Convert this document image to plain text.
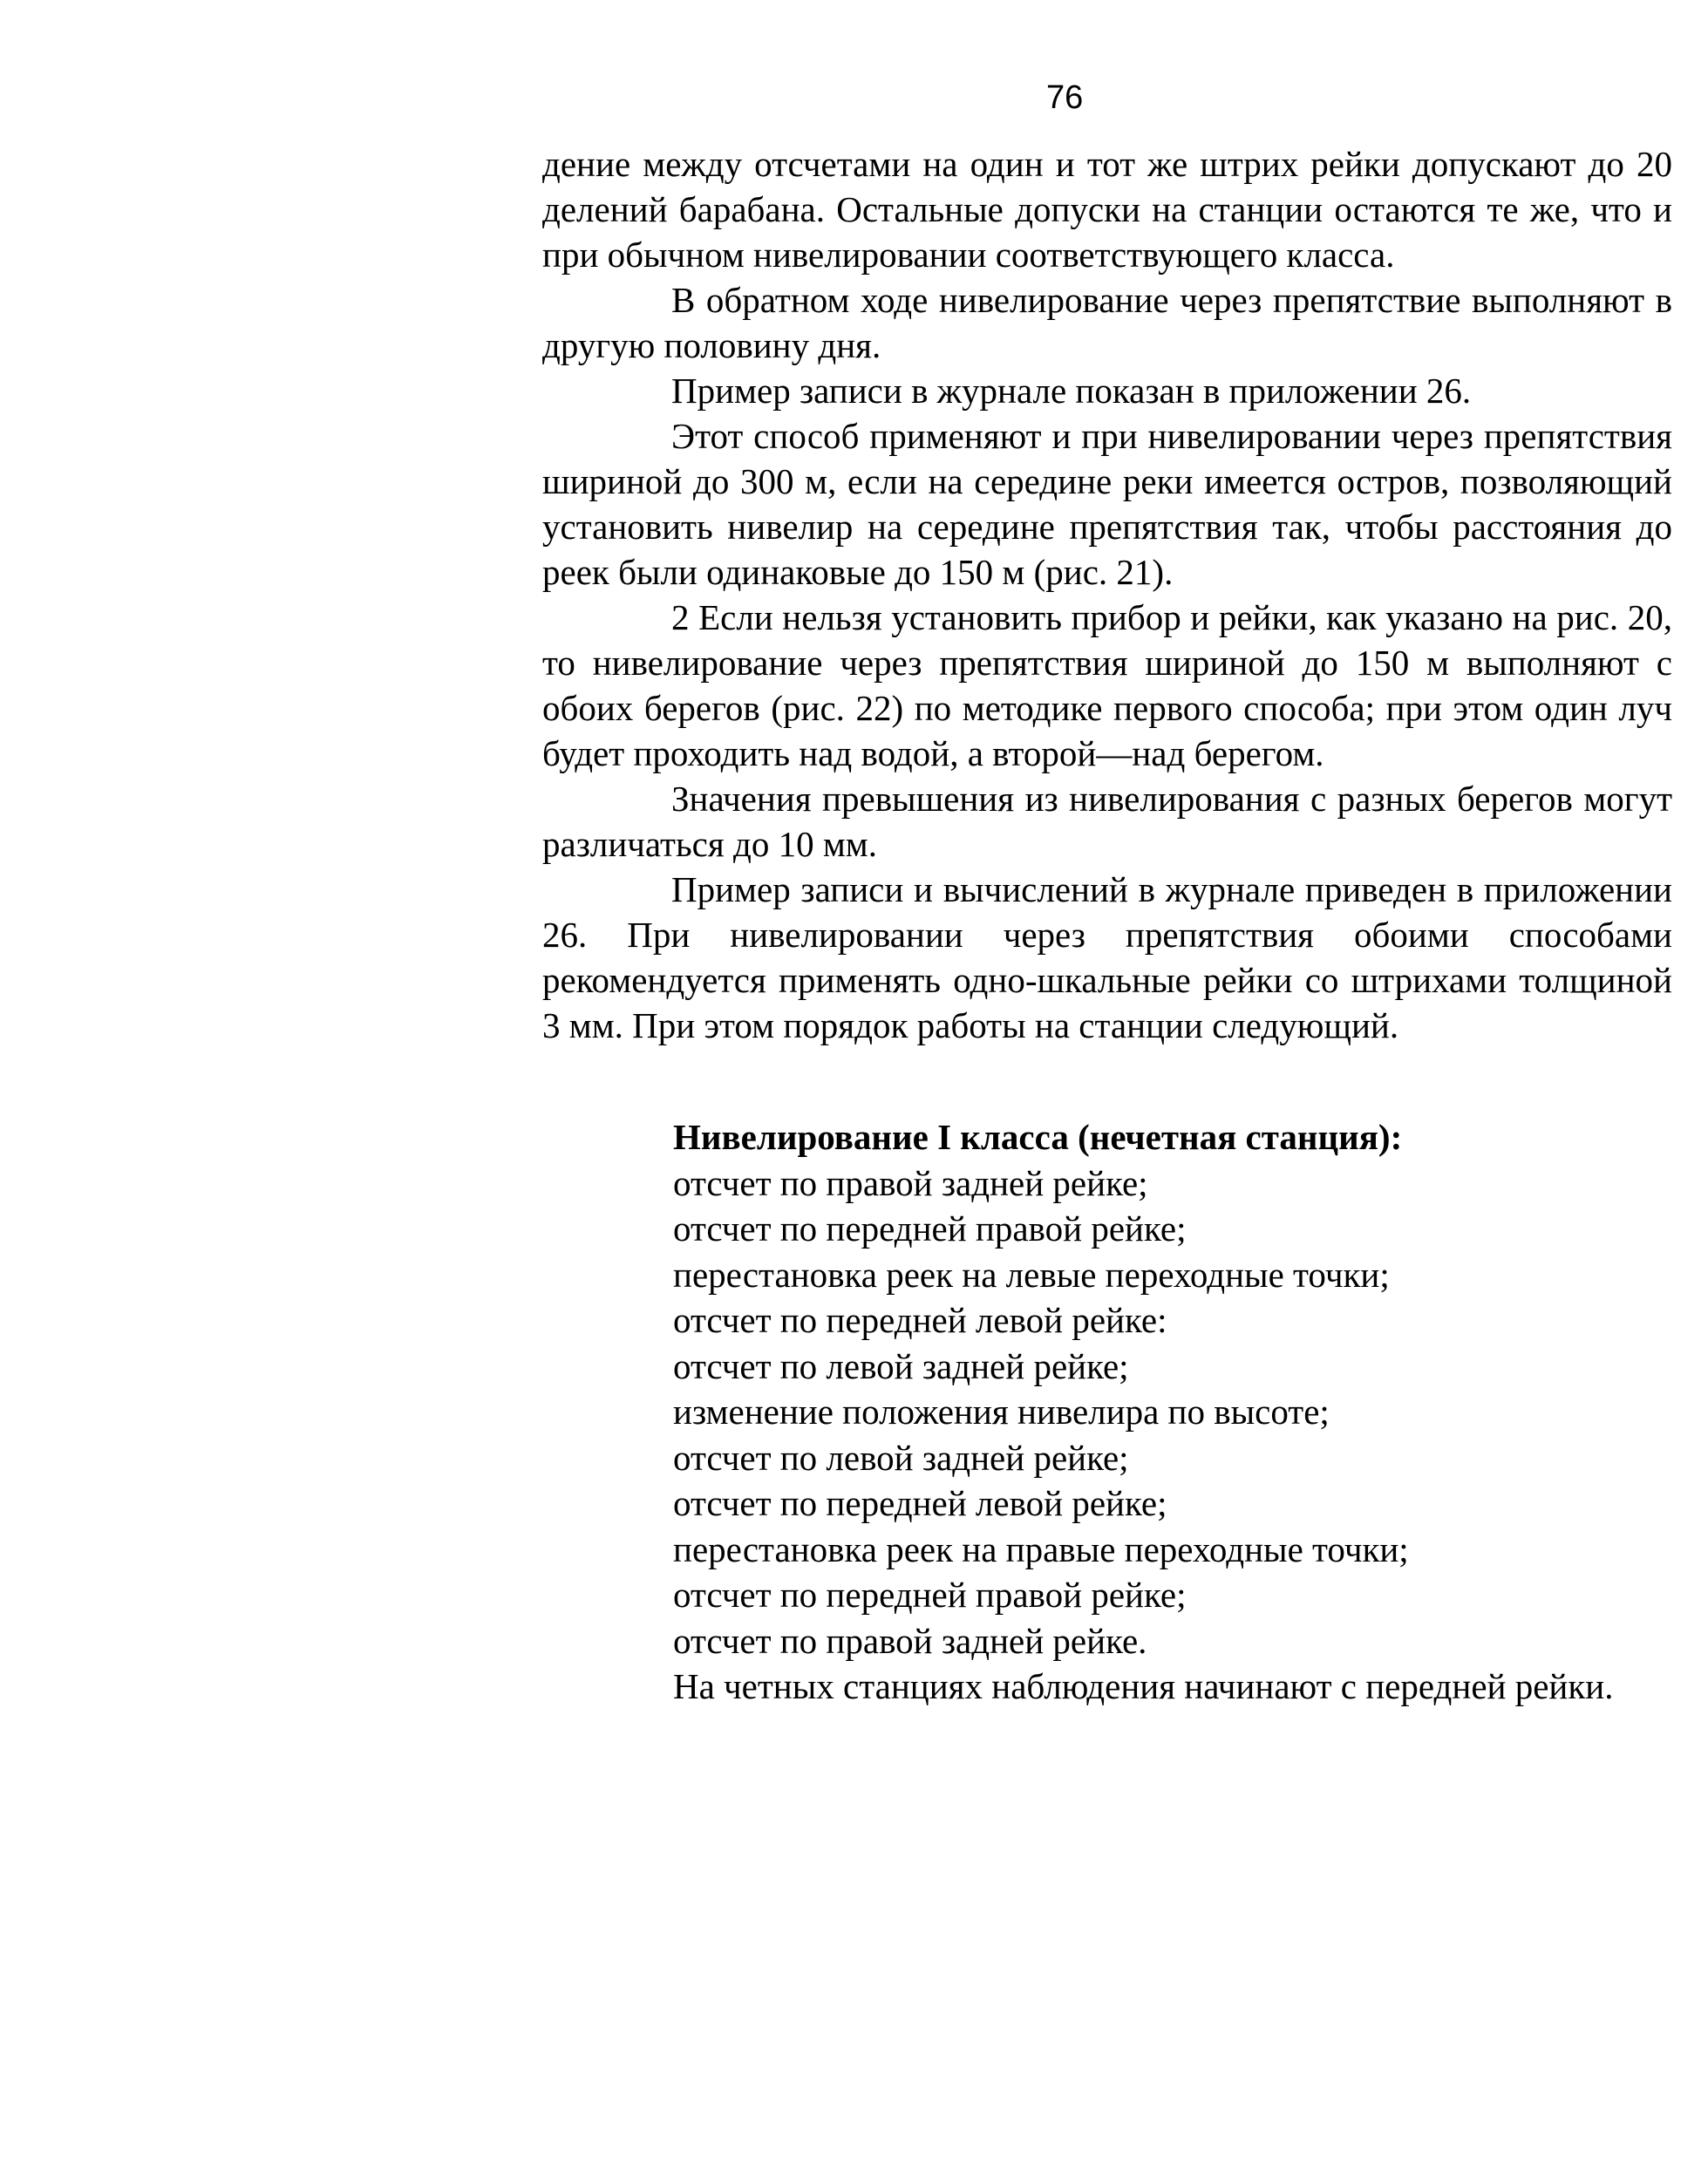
76

дение между отсчетами на один и тот же штрих рейки допускают до 20 делений барабана. Остальные допуски на станции остаются те же, что и при обычном нивелировании соответствующего класса.

В обратном ходе нивелирование через препятствие выполняют в другую половину дня.

Пример записи в журнале показан в приложении 26.

Этот способ применяют и при нивелировании через препятствия шириной до 300 м, если на середине реки имеется остров, позволяющий установить нивелир на середине препятствия так, чтобы расстояния до реек были одинаковые до 150 м (рис. 21).

2 Если нельзя установить прибор и рейки, как указано на рис. 20, то нивелирование через препятствия шириной до 150 м выполняют с обоих берегов (рис. 22) по методике первого способа; при этом один луч будет проходить над водой, а второй—над берегом.

Значения превышения из нивелирования с разных берегов могут различаться до 10 мм.

Пример записи и вычислений в журнале приведен в приложении 26. При нивелировании через препятствия обоими способами рекомендуется применять одно-шкальные рейки со штрихами толщиной 3 мм. При этом порядок работы на станции следующий.

Нивелирование I класса (нечетная станция):

отсчет по правой задней рейке;
отсчет по передней правой рейке;
перестановка реек на левые переходные точки;
отсчет по передней левой рейке:
отсчет по левой задней рейке;
изменение положения нивелира по высоте;
отсчет по левой задней рейке;
отсчет по передней левой рейке;
перестановка реек на правые переходные точки;
отсчет по передней правой рейке;
отсчет по правой задней рейке.

На четных станциях наблюдения начинают с передней рейки.
